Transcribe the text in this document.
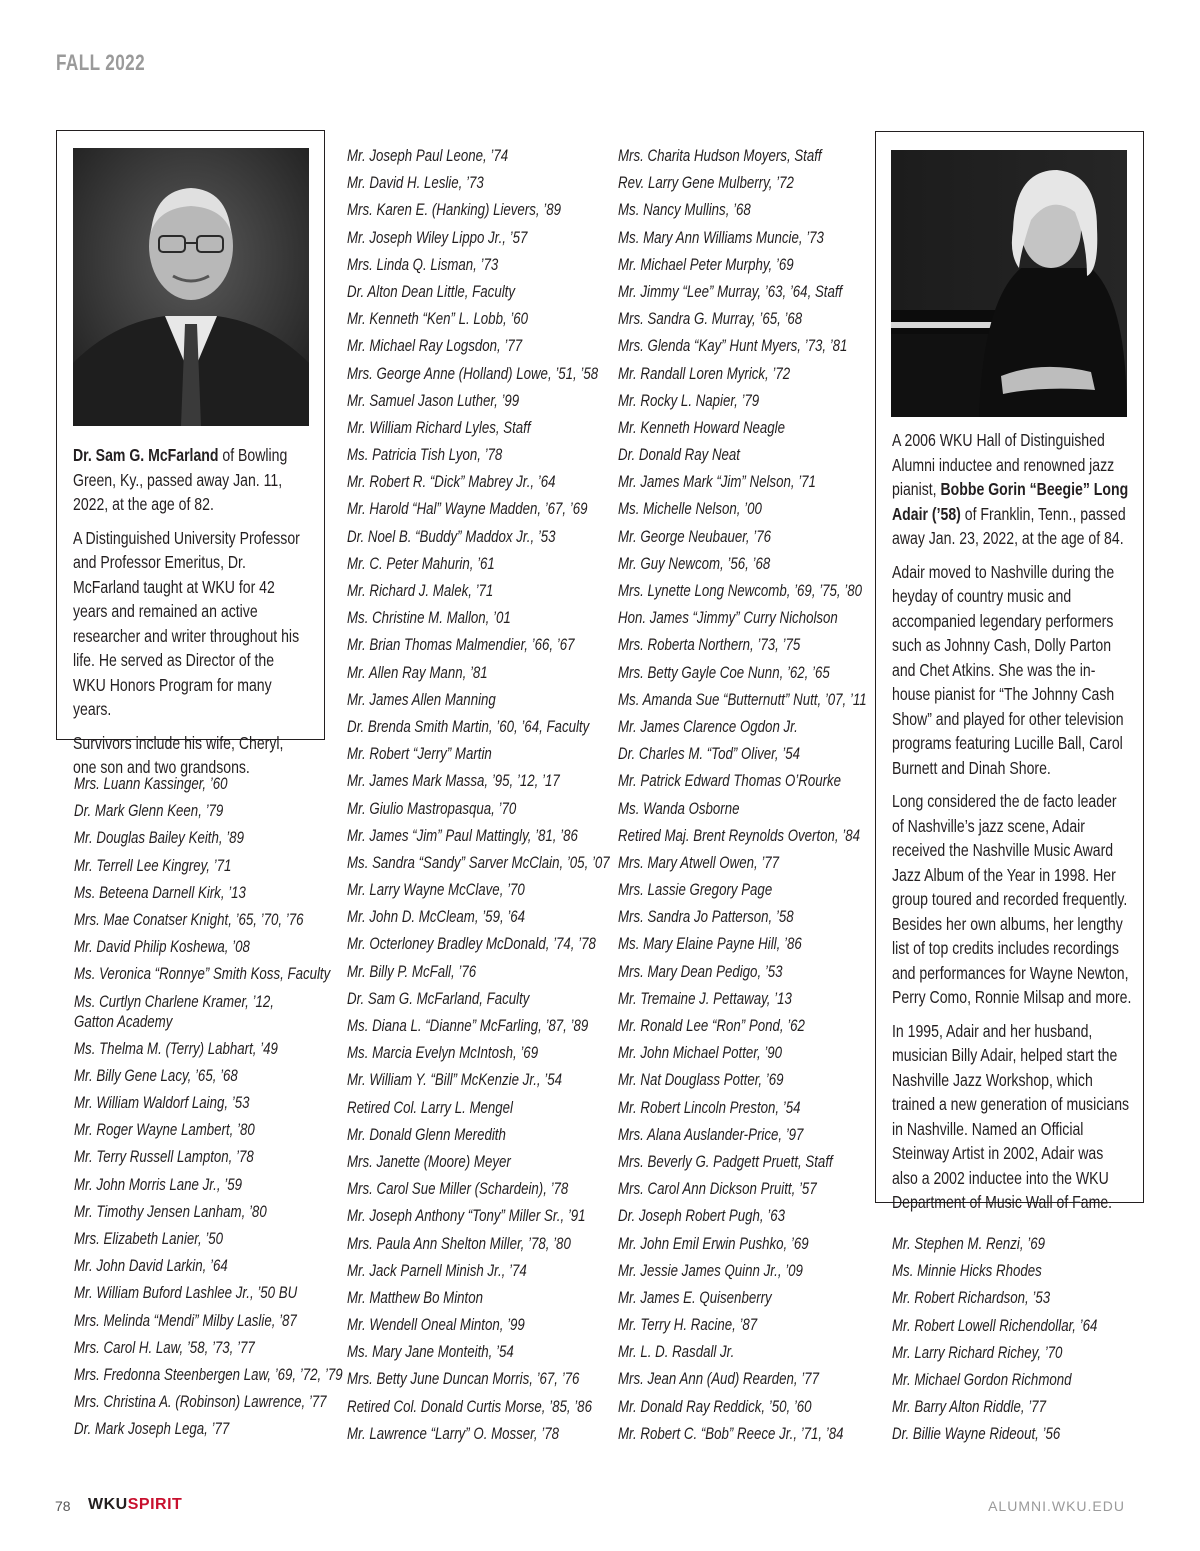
FALL 2022

Dr. Sam G. McFarland of Bowling Green, Ky., passed away Jan. 11, 2022, at the age of 82.

A Distinguished University Professor and Professor Emeritus, Dr. McFarland taught at WKU for 42 years and remained an active researcher and writer throughout his life. He served as Director of the WKU Honors Program for many years.

Survivors include his wife, Cheryl, one son and two grandsons.

A 2006 WKU Hall of Distinguished Alumni inductee and renowned jazz pianist, Bobbe Gorin “Beegie” Long Adair (’58) of Franklin, Tenn., passed away Jan. 23, 2022, at the age of 84.

Adair moved to Nashville during the heyday of country music and accompanied legendary performers such as Johnny Cash, Dolly Parton and Chet Atkins. She was the in-house pianist for “The Johnny Cash Show” and played for other television programs featuring Lucille Ball, Carol Burnett and Dinah Shore.

Long considered the de facto leader of Nashville’s jazz scene, Adair received the Nashville Music Award Jazz Album of the Year in 1998. Her group toured and recorded frequently. Besides her own albums, her lengthy list of top credits includes recordings and performances for Wayne Newton, Perry Como, Ronnie Milsap and more.

In 1995, Adair and her husband, musician Billy Adair, helped start the Nashville Jazz Workshop, which trained a new generation of musicians in Nashville. Named an Official Steinway Artist in 2002, Adair was also a 2002 inductee into the WKU Department of Music Wall of Fame.

Mrs. Luann Kassinger, ’60
Dr. Mark Glenn Keen, ’79
Mr. Douglas Bailey Keith, ’89
Mr. Terrell Lee Kingrey, ’71
Ms. Beteena Darnell Kirk, ’13
Mrs. Mae Conatser Knight, ’65, ’70, ’76
Mr. David Philip Koshewa, ’08
Ms. Veronica “Ronnye” Smith Koss, Faculty
Ms. Curtlyn Charlene Kramer, ’12, Gatton Academy
Ms. Thelma M. (Terry) Labhart, ’49
Mr. Billy Gene Lacy, ’65, ’68
Mr. William Waldorf Laing, ’53
Mr. Roger Wayne Lambert, ’80
Mr. Terry Russell Lampton, ’78
Mr. John Morris Lane Jr., ’59
Mr. Timothy Jensen Lanham, ’80
Mrs. Elizabeth Lanier, ’50
Mr. John David Larkin, ’64
Mr. William Buford Lashlee Jr., ’50 BU
Mrs. Melinda “Mendi” Milby Laslie, ’87
Mrs. Carol H. Law, ’58, ’73, ’77
Mrs. Fredonna Steenbergen Law, ’69, ’72, ’79
Mrs. Christina A. (Robinson) Lawrence, ’77
Dr. Mark Joseph Lega, ’77
Mr. Joseph Paul Leone, ’74
Mr. David H. Leslie, ’73
Mrs. Karen E. (Hanking) Lievers, ’89
Mr. Joseph Wiley Lippo Jr., ’57
Mrs. Linda Q. Lisman, ’73
Dr. Alton Dean Little, Faculty
Mr. Kenneth “Ken” L. Lobb, ’60
Mr. Michael Ray Logsdon, ’77
Mrs. George Anne (Holland) Lowe, ’51, ’58
Mr. Samuel Jason Luther, ’99
Mr. William Richard Lyles, Staff
Ms. Patricia Tish Lyon, ’78
Mr. Robert R. “Dick” Mabrey Jr., ’64
Mr. Harold “Hal” Wayne Madden, ’67, ’69
Dr. Noel B. “Buddy” Maddox Jr., ’53
Mr. C. Peter Mahurin, ’61
Mr. Richard J. Malek, ’71
Ms. Christine M. Mallon, ’01
Mr. Brian Thomas Malmendier, ’66, ’67
Mr. Allen Ray Mann, ’81
Mr. James Allen Manning
Dr. Brenda Smith Martin, ’60, ’64, Faculty
Mr. Robert “Jerry” Martin
Mr. James Mark Massa, ’95, ’12, ’17
Mr. Giulio Mastropasqua, ’70
Mr. James “Jim” Paul Mattingly, ’81, ’86
Ms. Sandra “Sandy” Sarver McClain, ’05, ’07
Mr. Larry Wayne McClave, ’70
Mr. John D. McCleam, ’59, ’64
Mr. Octerloney Bradley McDonald, ’74, ’78
Mr. Billy P. McFall, ’76
Dr. Sam G. McFarland, Faculty
Ms. Diana L. “Dianne” McFarling, ’87, ’89
Ms. Marcia Evelyn McIntosh, ’69
Mr. William Y. “Bill” McKenzie Jr., ’54
Retired Col. Larry L. Mengel
Mr. Donald Glenn Meredith
Mrs. Janette (Moore) Meyer
Mrs. Carol Sue Miller (Schardein), ’78
Mr. Joseph Anthony “Tony” Miller Sr., ’91
Mrs. Paula Ann Shelton Miller, ’78, ’80
Mr. Jack Parnell Minish Jr., ’74
Mr. Matthew Bo Minton
Mr. Wendell Oneal Minton, ’99
Ms. Mary Jane Monteith, ’54
Mrs. Betty June Duncan Morris, ’67, ’76
Retired Col. Donald Curtis Morse, ’85, ’86
Mr. Lawrence “Larry” O. Mosser, ’78
Mrs. Charita Hudson Moyers, Staff
Rev. Larry Gene Mulberry, ’72
Ms. Nancy Mullins, ’68
Ms. Mary Ann Williams Muncie, ’73
Mr. Michael Peter Murphy, ’69
Mr. Jimmy “Lee” Murray, ’63, ’64, Staff
Mrs. Sandra G. Murray, ’65, ’68
Mrs. Glenda “Kay” Hunt Myers, ’73, ’81
Mr. Randall Loren Myrick, ’72
Mr. Rocky L. Napier, ’79
Mr. Kenneth Howard Neagle
Dr. Donald Ray Neat
Mr. James Mark “Jim” Nelson, ’71
Ms. Michelle Nelson, ’00
Mr. George Neubauer, ’76
Mr. Guy Newcom, ’56, ’68
Mrs. Lynette Long Newcomb, ’69, ’75, ’80
Hon. James “Jimmy” Curry Nicholson
Mrs. Roberta Northern, ’73, ’75
Mrs. Betty Gayle Coe Nunn, ’62, ’65
Ms. Amanda Sue “Butternutt” Nutt, ’07, ’11
Mr. James Clarence Ogdon Jr.
Dr. Charles M. “Tod” Oliver, ’54
Mr. Patrick Edward Thomas O’Rourke
Ms. Wanda Osborne
Retired Maj. Brent Reynolds Overton, ’84
Mrs. Mary Atwell Owen, ’77
Mrs. Lassie Gregory Page
Mrs. Sandra Jo Patterson, ’58
Ms. Mary Elaine Payne Hill, ’86
Mrs. Mary Dean Pedigo, ’53
Mr. Tremaine J. Pettaway, ’13
Mr. Ronald Lee “Ron” Pond, ’62
Mr. John Michael Potter, ’90
Mr. Nat Douglass Potter, ’69
Mr. Robert Lincoln Preston, ’54
Mrs. Alana Auslander-Price, ’97
Mrs. Beverly G. Padgett Pruett, Staff
Mrs. Carol Ann Dickson Pruitt, ’57
Dr. Joseph Robert Pugh, ’63
Mr. John Emil Erwin Pushko, ’69
Mr. Jessie James Quinn Jr., ’09
Mr. James E. Quisenberry
Mr. Terry H. Racine, ’87
Mr. L. D. Rasdall Jr.
Mrs. Jean Ann (Aud) Rearden, ’77
Mr. Donald Ray Reddick, ’50, ’60
Mr. Robert C. “Bob” Reece Jr., ’71, ’84
Mr. Stephen M. Renzi, ’69
Ms. Minnie Hicks Rhodes
Mr. Robert Richardson, ’53
Mr. Robert Lowell Richendollar, ’64
Mr. Larry Richard Richey, ’70
Mr. Michael Gordon Richmond
Mr. Barry Alton Riddle, ’77
Dr. Billie Wayne Rideout, ’56
78 WKUSPIRIT	ALUMNI.WKU.EDU
